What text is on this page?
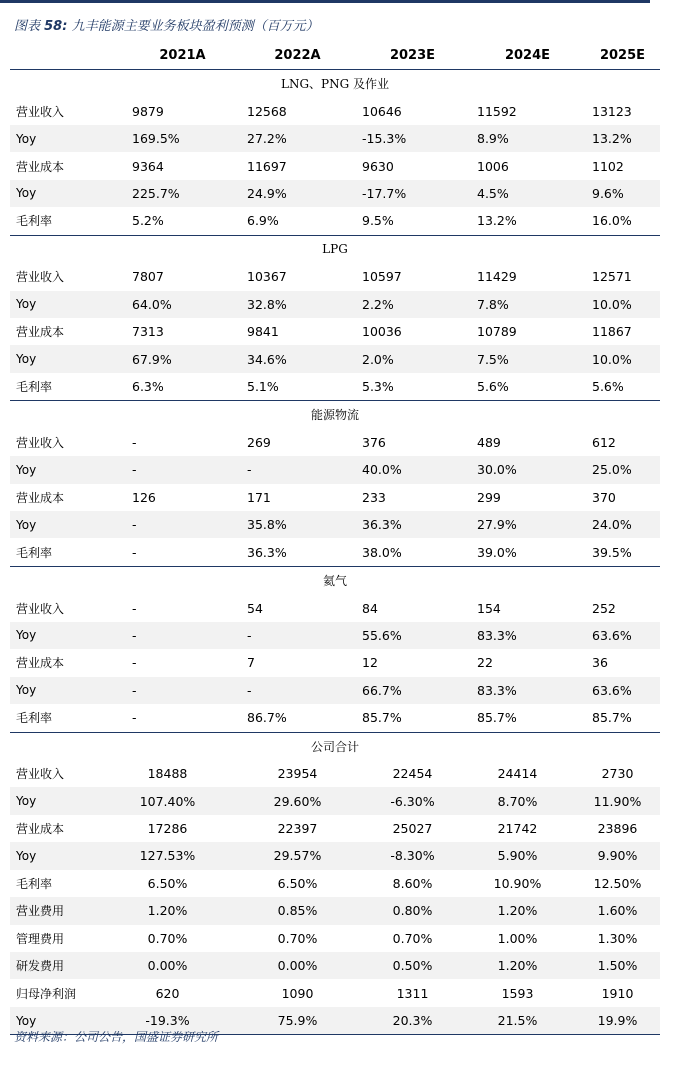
图表 58: 九丰能源主要业务板块盈利预测（百万元）
	2021A	2022A	2023E	2024E	2025E
LNG、PNG 及作业					
营业收入	9879	12568	10646	11592	13123
Yoy	169.5%	27.2%	-15.3%	8.9%	13.2%
营业成本	9364	11697	9630	1006	1102
Yoy	225.7%	24.9%	-17.7%	4.5%	9.6%
毛利率	5.2%	6.9%	9.5%	13.2%	16.0%
LPG					
营业收入	7807	10367	10597	11429	12571
Yoy	64.0%	32.8%	2.2%	7.8%	10.0%
营业成本	7313	9841	10036	10789	11867
Yoy	67.9%	34.6%	2.0%	7.5%	10.0%
毛利率	6.3%	5.1%	5.3%	5.6%	5.6%
能源物流					
营业收入	-	269	376	489	612
Yoy	-	-	40.0%	30.0%	25.0%
营业成本	126	171	233	299	370
Yoy	-	35.8%	36.3%	27.9%	24.0%
毛利率	-	36.3%	38.0%	39.0%	39.5%
氦气					
营业收入	-	54	84	154	252
Yoy	-	-	55.6%	83.3%	63.6%
营业成本	-	7	12	22	36
Yoy	-	-	66.7%	83.3%	63.6%
毛利率	-	86.7%	85.7%	85.7%	85.7%
公司合计					
营业收入	18488	23954	22454	24414	2730
Yoy	107.40%	29.60%	-6.30%	8.70%	11.90%
营业成本	17286	22397	25027	21742	23896
Yoy	127.53%	29.57%	-8.30%	5.90%	9.90%
毛利率	6.50%	6.50%	8.60%	10.90%	12.50%
营业费用	1.20%	0.85%	0.80%	1.20%	1.60%
管理费用	0.70%	0.70%	0.70%	1.00%	1.30%
研发费用	0.00%	0.00%	0.50%	1.20%	1.50%
归母净利润	620	1090	1311	1593	1910
Yoy	-19.3%	75.9%	20.3%	21.5%	19.9%
资料来源：公司公告，国盛证券研究所
